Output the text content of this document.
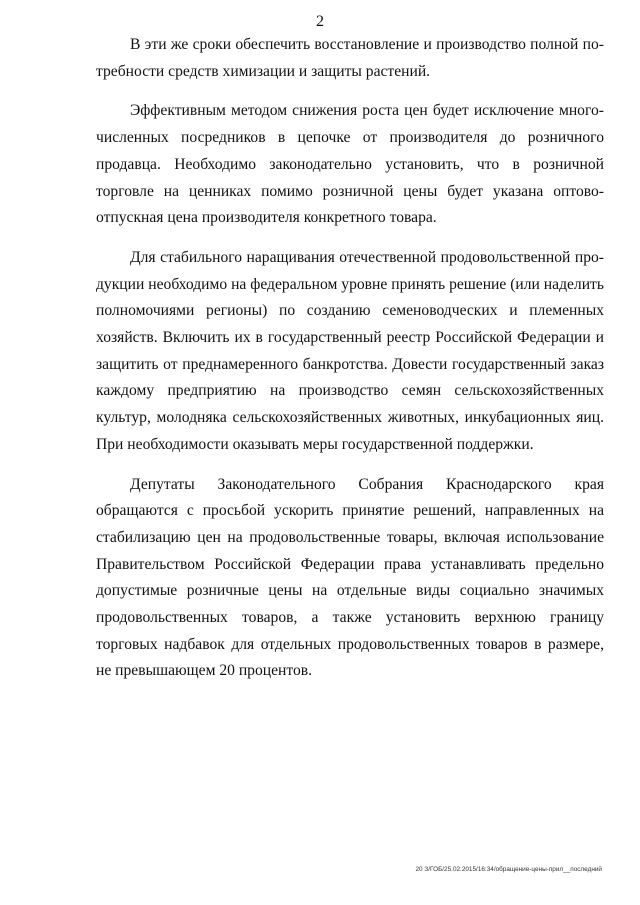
2

В эти же сроки обеспечить восстановление и производство полной потребности средств химизации и защиты растений.

Эффективным методом снижения роста цен будет исключение многочисленных посредников в цепочке от производителя до розничного продавца. Необходимо законодательно установить, что в розничной торговле на ценниках помимо розничной цены будет указана оптово-отпускная цена производителя конкретного товара.

Для стабильного наращивания отечественной продовольственной продукции необходимо на федеральном уровне принять решение (или наделить полномочиями регионы) по созданию семеноводческих и племенных хозяйств. Включить их в государственный реестр Российской Федерации и защитить от преднамеренного банкротства. Довести государственный заказ каждому предприятию на производство семян сельскохозяйственных культур, молодняка сельскохозяйственных животных, инкубационных яиц. При необходимости оказывать меры государственной поддержки.

Депутаты Законодательного Собрания Краснодарского края обращаются с просьбой ускорить принятие решений, направленных на стабилизацию цен на продовольственные товары, включая использование Правительством Российской Федерации права устанавливать предельно допустимые розничные цены на отдельные виды социально значимых продовольственных товаров, а также установить верхнюю границу торговых надбавок для отдельных продовольственных товаров в размере, не превышающем 20 процентов.

20 З/ГОБ/25.02.2015/16:34/обращение-цены-прил__последний
